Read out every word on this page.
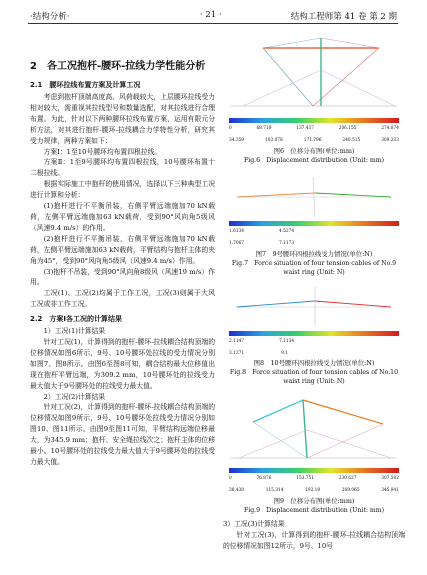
·结构分析·	· 21 ·	结构工程师第 41 卷 第 2 期
2　各工况抱杆-腰环-拉线力学性能分析
2.1　腰环拉线布置方案及计算工况

考虑到抱杆顶端高度高、风荷载较大，上层腰环拉线受力相对较大，需重视其拉线型号和数量选配，对其拉线进行合理布置。为此，针对以下两种腰环拉线布置方案，运用有限元分析方法，对其进行抱杆-腰环-拉线耦合力学特性分析，研究其受力规律，两种方案如下：

方案Ⅰ：1至10号腰环均布置四根拉线。

方案Ⅱ：1至9号腰环均布置四根拉线，10号腰环布置十二根拉线。

根据实际施工中抱杆的使用情况，选择以下三种典型工况进行计算和分析：

(1)抱杆进行不平衡吊装，右侧平臂远端施加70 kN载荷，左侧平臂远端施加63 kN载荷，受到90°风向角5级风（风速9.4 m/s）的作用。

(2)抱杆进行不平衡吊装，右侧平臂远端施加70 kN载荷，左侧平臂远端施加63 kN载荷，平臂结构与抱杆主体的夹角为45°，受到90°风向角5级风（风速9.4 m/s）作用。

(3)抱杆不吊装，受到90°风向角8级风（风速19 m/s）作用。

工况(1)、工况(2)均属于工作工况，工况(3)则属于大风工况或非工作工况。

2.2　方案Ⅰ各工况的计算结果

1）工况(1)计算结果

针对工况(1)，计算得到的抱杆-腰环-拉线耦合结构顶端的位移情况如图6所示，9号、10号腰环处拉线的受力情况分别如图7、图8所示。由图6至图8可知，耦合结构最大位移值出现在抱杆平臂远端，为309.2 mm，10号腰环处的拉线受力最大值大于9号腰环处的拉线受力最大值。

2）工况(2)计算结果

针对工况(2)，计算得到的抱杆-腰环-拉线耦合结构顶端的位移情况如图9所示，9号、10号腰环处拉线受力情况分别如图10、图11所示。由图9至图11可知，平臂结构远端位移最大，为345.9 mm；抱杆、安全绳拉线次之；抱杆主体的位移最小。10号腰环处的拉线受力最大值大于9号腰环处的拉线受力最大值。

0	68.719	137.437	206.155	274.874
34.359	103.078	171.796	240.515	309.233
图6　位移分布图(单位:mm)
Fig.6　Displacement distribution (Unit: mm)
1.6134	4.5274
1.7067	7.1173
图7　9号腰环四根拉线受力情况(单位:N)
Fig.7　Force situation of four tension cables of No.9 waist ring (Unit: N)
2.1147	7.1134
3.1271	9.1
图8　10号腰环四根拉线受力情况(单位:N)
Fig.8　Force situation of four tension cables of No.10 waist ring (Unit: N)
0	76.876	153.751	230.627	307.502
38.438	115.314	192.19	269.065	345.941
图9　位移分布图(单位:mm)
Fig.9　Displacement distribution (Unit: mm)

3）工况(3)计算结果

针对工况(3)，计算得到的抱杆-腰环-拉线耦合结构顶端的位移情况如图12所示，9号、10号
